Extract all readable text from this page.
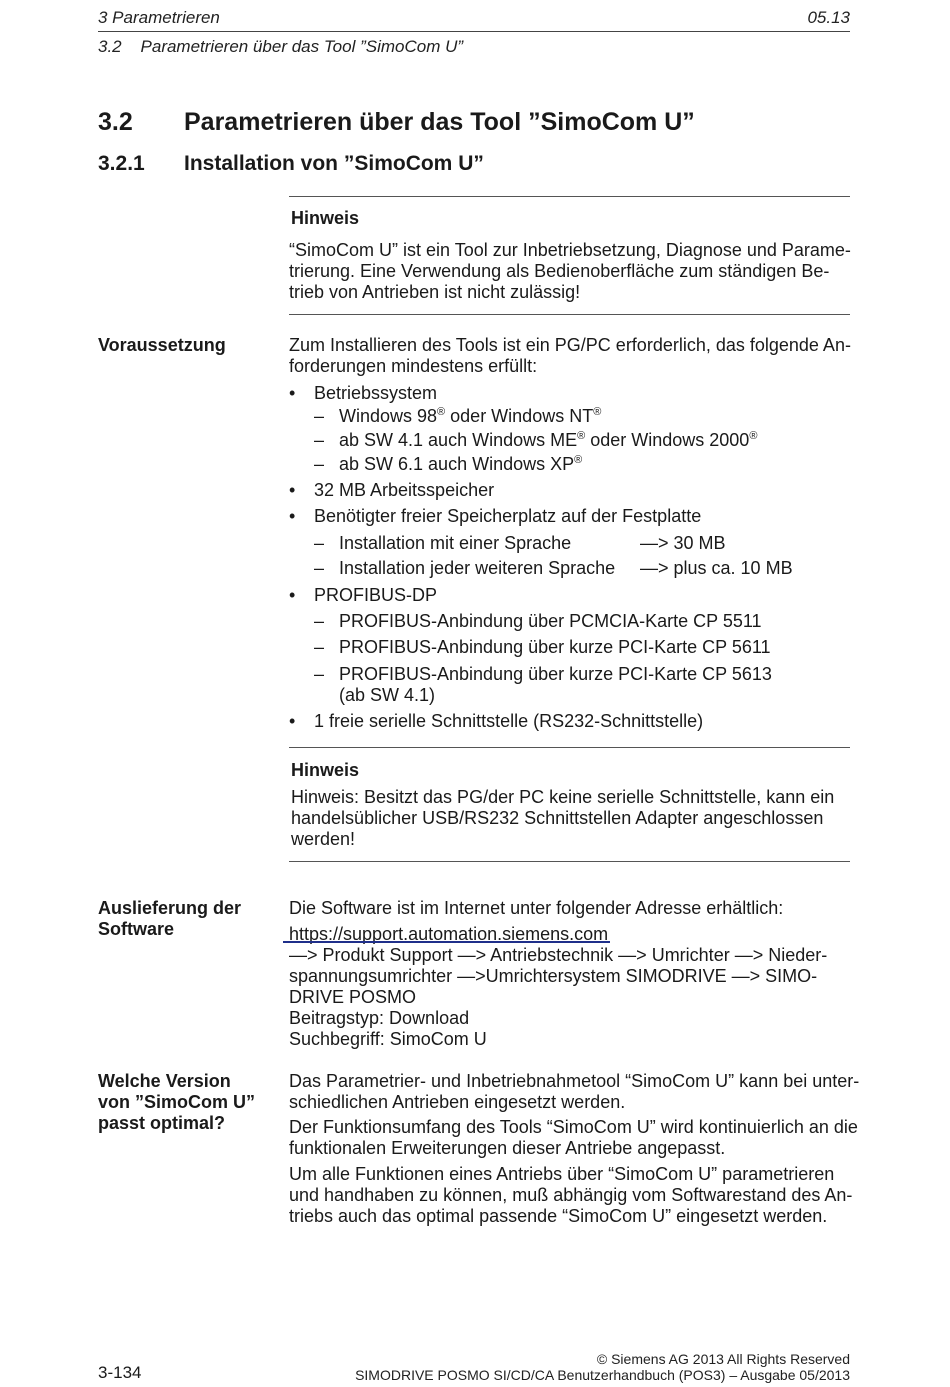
3 Parametrieren	05.13
3.2    Parametrieren über das Tool ”SimoCom U”
3.2 Parametrieren über das Tool ”SimoCom U”
3.2.1 Installation von ”SimoCom U”
Hinweis
“SimoCom U” ist ein Tool zur Inbetriebsetzung, Diagnose und Parame-
trierung. Eine Verwendung als Bedienoberfläche zum ständigen Be-
trieb von Antrieben ist nicht zulässig!
Voraussetzung	Zum Installieren des Tools ist ein PG/PC erforderlich, das folgende An-
forderungen mindestens erfüllt:
• Betriebssystem
– Windows 98® oder Windows NT®
– ab SW 4.1 auch Windows ME® oder Windows 2000®
– ab SW 6.1 auch Windows XP®
• 32 MB Arbeitsspeicher
• Benötigter freier Speicherplatz auf der Festplatte
– Installation mit einer Sprache	—> 30 MB
– Installation jeder weiteren Sprache —> plus ca. 10 MB
• PROFIBUS-DP
– PROFIBUS-Anbindung über PCMCIA-Karte CP 5511
– PROFIBUS-Anbindung über kurze PCI-Karte CP 5611
– PROFIBUS-Anbindung über kurze PCI-Karte CP 5613
(ab SW 4.1)
• 1 freie serielle Schnittstelle (RS232-Schnittstelle)
Hinweis
Hinweis: Besitzt das PG/der PC keine serielle Schnittstelle, kann ein
handelsüblicher USB/RS232 Schnittstellen Adapter angeschlossen
werden!
Auslieferung der
Software
Die Software ist im Internet unter folgender Adresse erhältlich:
https://support.automation.siemens.com
—> Produkt Support —> Antriebstechnik —> Umrichter —> Nieder-
spannungsumrichter —>Umrichtersystem SIMODRIVE —> SIMO-
DRIVE POSMO
Beitragstyp: Download
Suchbegriff: SimoCom U
Welche Version
von ”SimoCom U”
passt optimal?
Das Parametrier- und Inbetriebnahmetool “SimoCom U” kann bei unter-
schiedlichen Antrieben eingesetzt werden.
Der Funktionsumfang des Tools “SimoCom U” wird kontinuierlich an die
funktionalen Erweiterungen dieser Antriebe angepasst.
Um alle Funktionen eines Antriebs über “SimoCom U” parametrieren
und handhaben zu können, muß abhängig vom Softwarestand des An-
triebs auch das optimal passende “SimoCom U” eingesetzt werden.
3-134
© Siemens AG 2013 All Rights Reserved
SIMODRIVE POSMO SI/CD/CA Benutzerhandbuch (POS3) – Ausgabe 05/2013
